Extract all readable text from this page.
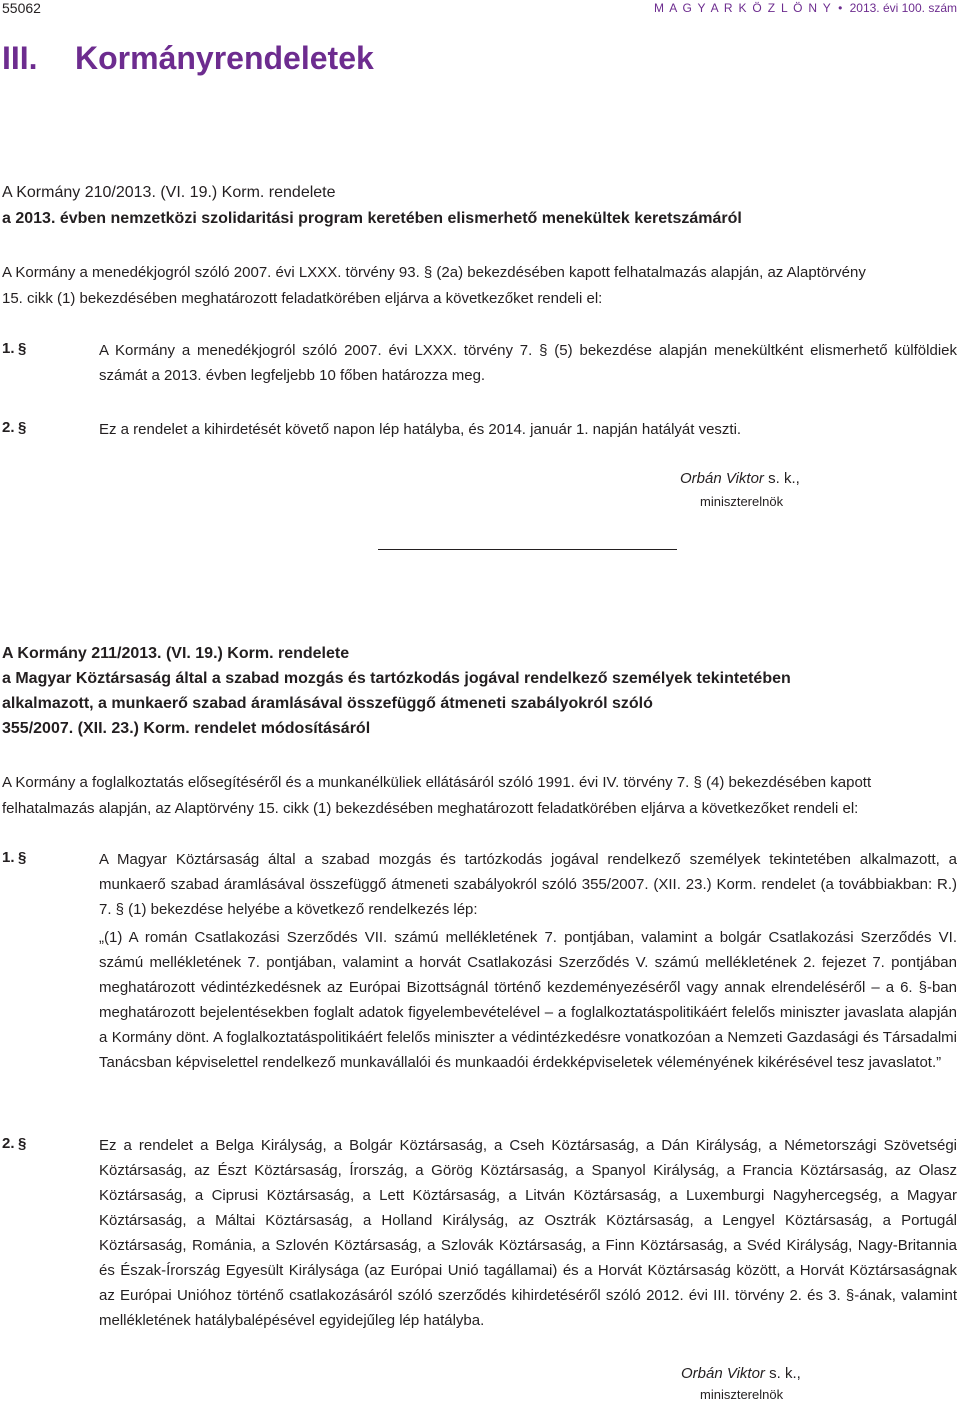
55062	M A G Y A R K Ö Z L Ö N Y • 2013. évi 100. szám
III. Kormányrendeletek
A Kormány 210/2013. (VI. 19.) Korm. rendelete
a 2013. évben nemzetközi szolidaritási program keretében elismerhető menekültek keretszámáról
A Kormány a menedékjogról szóló 2007. évi LXXX. törvény 93. § (2a) bekezdésében kapott felhatalmazás alapján, az Alaptörvény
15. cikk (1) bekezdésében meghatározott feladatkörében eljárva a következőket rendeli el:
1. §	A Kormány a menedékjogról szóló 2007. évi LXXX. törvény 7. § (5) bekezdése alapján menekültként elismerhető külföldiek számát a 2013. évben legfeljebb 10 főben határozza meg.
2. §	Ez a rendelet a kihirdetését követő napon lép hatályba, és 2014. január 1. napján hatályát veszti.
Orbán Viktor s. k.,
miniszterelnök
A Kormány 211/2013. (VI. 19.) Korm. rendelete
a Magyar Köztársaság által a szabad mozgás és tartózkodás jogával rendelkező személyek tekintetében
alkalmazott, a munkaerő szabad áramlásával összefüggő átmeneti szabályokról szóló
355/2007. (XII. 23.) Korm. rendelet módosításáról
A Kormány a foglalkoztatás elősegítéséről és a munkanélküliek ellátásáról szóló 1991. évi IV. törvény 7. § (4) bekezdésében kapott
felhatalmazás alapján, az Alaptörvény 15. cikk (1) bekezdésében meghatározott feladatkörében eljárva a következőket rendeli el:
1. §	A Magyar Köztársaság által a szabad mozgás és tartózkodás jogával rendelkező személyek tekintetében alkalmazott, a munkaerő szabad áramlásával összefüggő átmeneti szabályokról szóló 355/2007. (XII. 23.) Korm. rendelet (a továbbiakban: R.) 7. § (1) bekezdése helyébe a következő rendelkezés lép:
„(1) A román Csatlakozási Szerződés VII. számú mellékletének 7. pontjában, valamint a bolgár Csatlakozási Szerződés VI. számú mellékletének 7. pontjában, valamint a horvát Csatlakozási Szerződés V. számú mellékletének 2. fejezet 7. pontjában meghatározott védintézkedésnek az Európai Bizottságnál történő kezdeményezéséről vagy annak elrendeléséről – a 6. §-ban meghatározott bejelentésekben foglalt adatok figyelembevételével – a foglalkoztatáspolitikáért felelős miniszter javaslata alapján a Kormány dönt. A foglalkoztatáspolitikáért felelős miniszter a védintézkedésre vonatkozóan a Nemzeti Gazdasági és Társadalmi Tanácsban képviselettel rendelkező munkavállalói és munkaadói érdekképviseletek véleményének kikérésével tesz javaslatot.”
2. §	Ez a rendelet a Belga Királyság, a Bolgár Köztársaság, a Cseh Köztársaság, a Dán Királyság, a Németországi Szövetségi Köztársaság, az Észt Köztársaság, Írország, a Görög Köztársaság, a Spanyol Királyság, a Francia Köztársaság, az Olasz Köztársaság, a Ciprusi Köztársaság, a Lett Köztársaság, a Litván Köztársaság, a Luxemburgi Nagyhercegség, a Magyar Köztársaság, a Máltai Köztársaság, a Holland Királyság, az Osztrák Köztársaság, a Lengyel Köztársaság, a Portugál Köztársaság, Románia, a Szlovén Köztársaság, a Szlovák Köztársaság, a Finn Köztársaság, a Svéd Királyság, Nagy-Britannia és Észak-Írország Egyesült Királysága (az Európai Unió tagállamai) és a Horvát Köztársaság között, a Horvát Köztársaságnak az Európai Unióhoz történő csatlakozásáról szóló szerződés kihirdetéséről szóló 2012. évi III. törvény 2. és 3. §-ának, valamint mellékletének hatálybalépésével egyidejűleg lép hatályba.
Orbán Viktor s. k.,
miniszterelnök
